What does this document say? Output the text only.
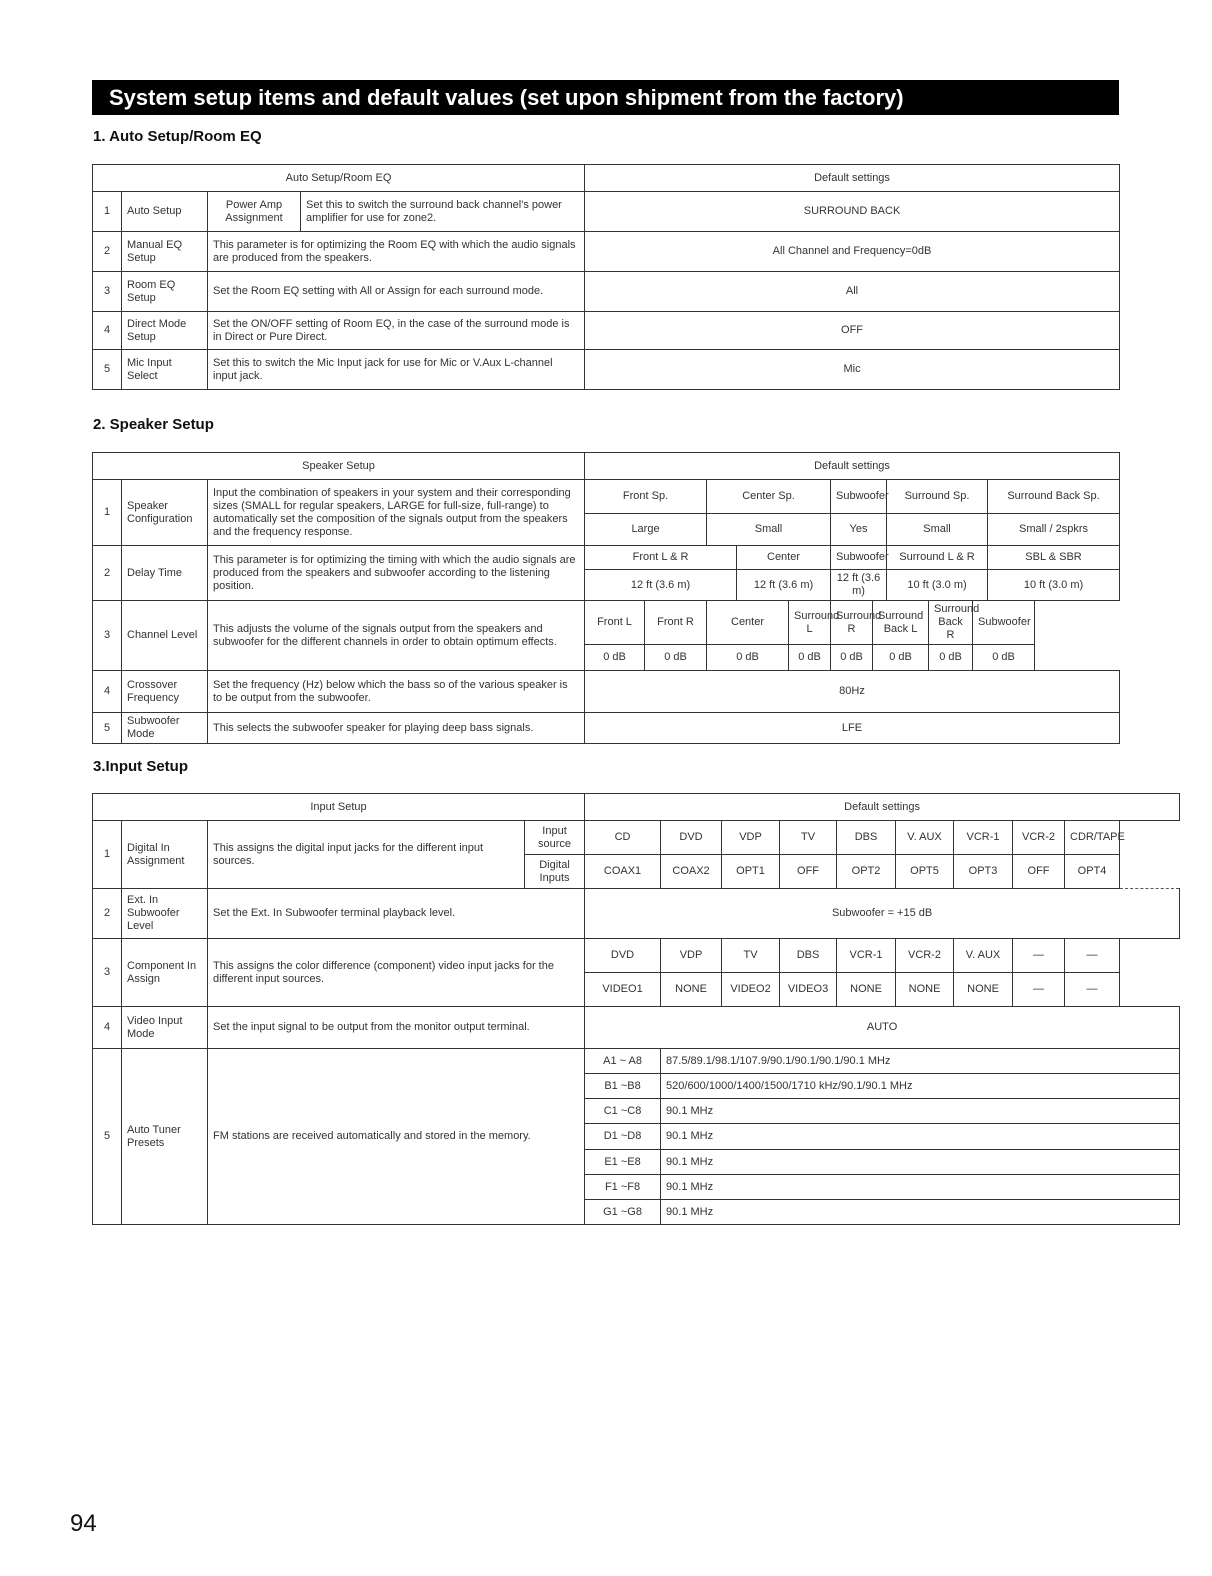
System setup items and default values (set upon shipment from the factory)
1. Auto Setup/Room EQ
Auto Setup/Room EQ				Default settings
1	Auto Setup	Power Amp Assignment	Set this to switch the surround back channel's power amplifier for use for zone2.	SURROUND BACK
2	Manual EQ Setup	This parameter is for optimizing the Room EQ with which the audio signals are produced from the speakers.		All Channel and Frequency=0dB
3	Room EQ Setup	Set the Room EQ setting with All or Assign for each surround mode.		All
4	Direct Mode Setup	Set the ON/OFF setting of Room EQ, in the case of the surround mode is in Direct or Pure Direct.		OFF
5	Mic Input Select	Set this to switch the Mic Input jack for use for Mic or V.Aux L-channel input jack.		Mic
2. Speaker Setup
Speaker Setup			Default settings										
1	Speaker Configuration	Input the combination of speakers in your system and their corresponding sizes (SMALL for regular speakers, LARGE for full-size, full-range) to automatically set the composition of the signals output from the speakers and the frequency response.	Front Sp.		Center Sp.			Subwoofer		Surround Sp.			Surround Back Sp.
			Large		Small			Yes		Small			Small / 2spkrs
2	Delay Time	This parameter is for optimizing the timing with which the audio signals are produced from the speakers and subwoofer according to the listening position.	Front L & R			Center		Subwoofer		Surround L & R			SBL & SBR
			12 ft (3.6 m)			12 ft (3.6 m)		12 ft (3.6 m)		10 ft (3.0 m)			10 ft (3.0 m)
3	Channel Level	This adjusts the volume of the signals output from the speakers and subwoofer for the different channels in order to obtain optimum effects.	Front L	Front R	Center		Surround L	Surround R	Surround Back L		Surround Back R	Subwoofer	
			0 dB	0 dB	0 dB		0 dB	0 dB	0 dB		0 dB	0 dB	
4	Crossover Frequency	Set the frequency (Hz) below which the bass so of the various speaker is to be output from the subwoofer.	80Hz										
5	Subwoofer Mode	This selects the subwoofer speaker for playing deep bass signals.	LFE										
3.Input Setup
Input Setup				Default settings								
1	Digital In Assignment	This assigns the digital input jacks for the different input sources.	Input source	CD	DVD	VDP	TV	DBS	V. AUX	VCR-1	VCR-2	CDR/TAPE
			Digital Inputs	COAX1	COAX2	OPT1	OFF	OPT2	OPT5	OPT3	OFF	OPT4
2	Ext. In Subwoofer Level	Set the Ext. In Subwoofer terminal playback level.		Subwoofer = +15 dB								
3	Component In Assign	This assigns the color difference (component) video input jacks for the different input sources.		DVD	VDP	TV	DBS	VCR-1	VCR-2	V. AUX	—	—
				VIDEO1	NONE	VIDEO2	VIDEO3	NONE	NONE	NONE	—	—
4	Video Input Mode	Set the input signal to be output from the monitor output terminal.		AUTO								
5	Auto Tuner Presets	FM stations are received automatically and stored in the memory.		A1 ~ A8	87.5/89.1/98.1/107.9/90.1/90.1/90.1/90.1 MHz							
				B1 ~B8	520/600/1000/1400/1500/1710 kHz/90.1/90.1 MHz							
				C1 ~C8	90.1 MHz							
				D1 ~D8	90.1 MHz							
				E1 ~E8	90.1 MHz							
				F1 ~F8	90.1 MHz							
				G1 ~G8	90.1 MHz							
94
